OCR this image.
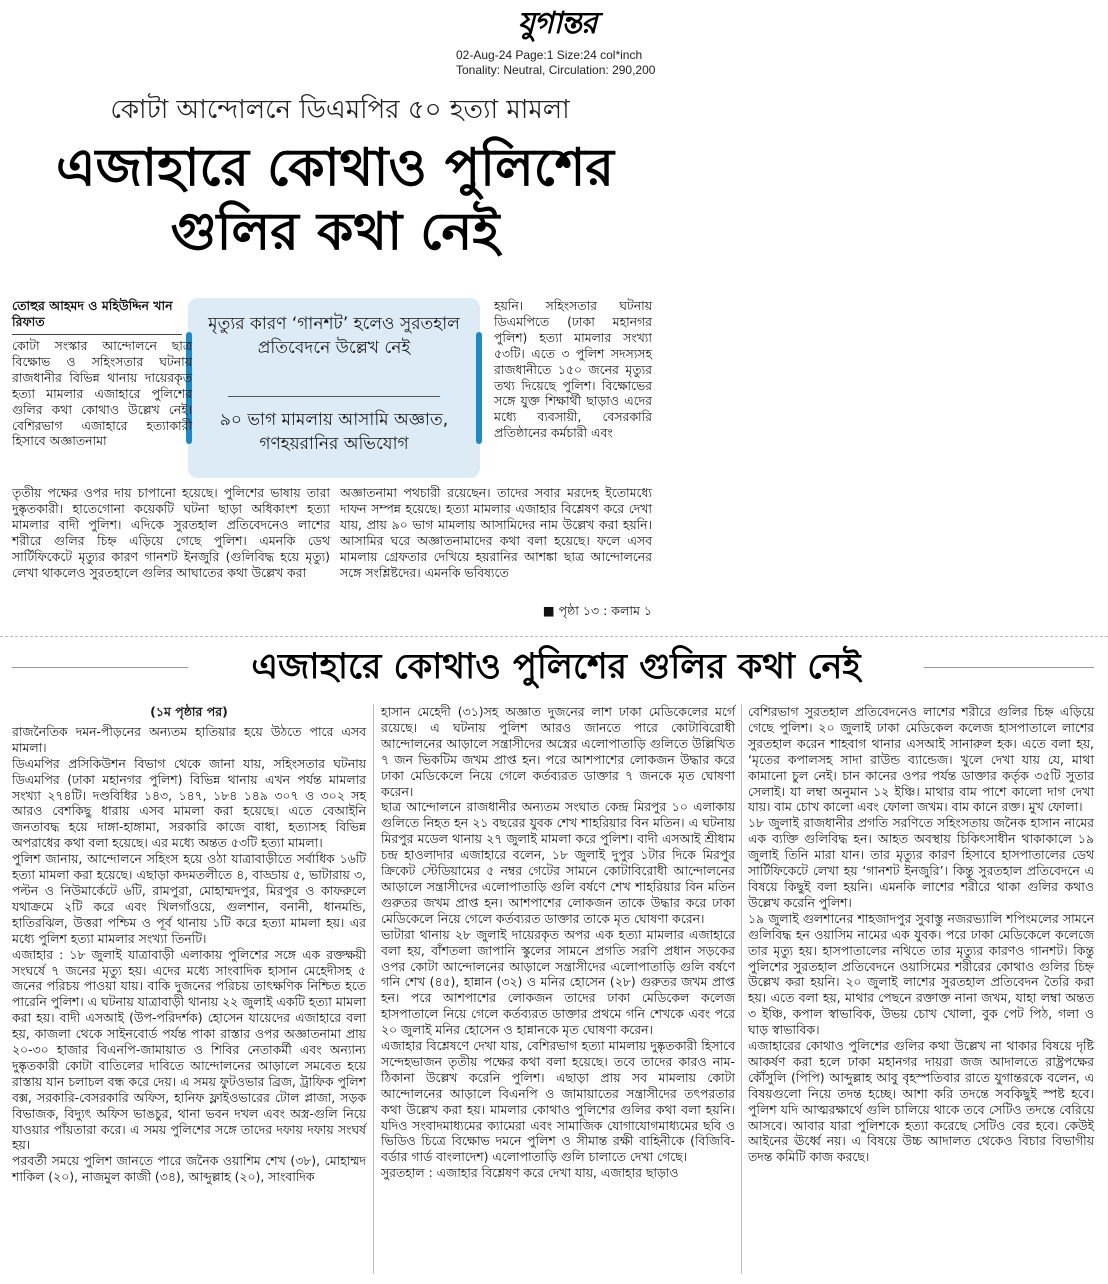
যুগান্তর
02-Aug-24 Page:1 Size:24 col*inch
Tonality: Neutral, Circulation: 290,200
কোটা আন্দোলনে ডিএমপির ৫০ হত্যা মামলা
এজাহারে কোথাও পুলিশের গুলির কথা নেই
তোহুর আহমদ ও মহিউদ্দিন খান রিফাত	মৃত্যুর কারণ ‘গানশট’ হলেও সুরতহাল প্রতিবেদনে উল্লেখ নেই
৯০ ভাগ মামলায় আসামি অজ্ঞাত, গণহয়রানির অভিযোগ
কোটা সংস্কার আন্দোলনে ছাত্র বিক্ষোভ ও সহিংসতার ঘটনায় রাজধানীর বিভিন্ন থানায় দায়েরকৃত হত্যা মামলার এজাহারে পুলিশের গুলির কথা কোথাও উল্লেখ নেই। বেশিরভাগ এজাহারে হত্যাকারী হিসাবে অজ্ঞাতনামা
তৃতীয় পক্ষের ওপর দায় চাপানো হয়েছে। পুলিশের ভাষায় তারা দুষ্কৃতকারী। হাতেগোনা কয়েকটি ঘটনা ছাড়া অধিকাংশ হত্যা মামলার বাদী পুলিশ। এদিকে সুরতহাল প্রতিবেদনেও লাশের শরীরে গুলির চিহ্ন এড়িয়ে গেছে পুলিশ। এমনকি ডেথ সার্টিফিকেটে মৃত্যুর কারণ গানশট ইনজুরি (গুলিবিদ্ধ হয়ে মৃত্যু) লেখা থাকলেও সুরতহালে গুলির আঘাতের কথা উল্লেখ করা
হয়নি। সহিংসতার ঘটনায় ডিএমপিতে (ঢাকা মহানগর পুলিশ) হত্যা মামলার সংখ্যা ৫৩টি। এতে ৩ পুলিশ সদস্যসহ রাজধানীতে ১৫০ জনের মৃত্যুর তথ্য দিয়েছে পুলিশ। বিক্ষোভের সঙ্গে যুক্ত শিক্ষার্থী ছাড়াও এদের মধ্যে ব্যবসায়ী, বেসরকারি প্রতিষ্ঠানের কর্মচারী এবং
অজ্ঞাতনামা পথচারী রয়েছেন। তাদের সবার মরদেহ ইতোমধ্যে দাফন সম্পন্ন হয়েছে। হত্যা মামলার এজাহার বিশ্লেষণ করে দেখা যায়, প্রায় ৯০ ভাগ মামলায় আসামিদের নাম উল্লেখ করা হয়নি। আসামির ঘরে অজ্ঞাতনামাদের কথা বলা হয়েছে। ফলে এসব মামলায় গ্রেফতার দেখিয়ে হয়রানির আশঙ্কা ছাত্র আন্দোলনের সঙ্গে সংশ্লিষ্টদের। এমনকি ভবিষ্যতে
■ পৃষ্ঠা ১৩ : কলাম ১
এজাহারে কোথাও পুলিশের গুলির কথা নেই
(১ম পৃষ্ঠার পর)

রাজনৈতিক দমন-পীড়নের অন্যতম হাতিয়ার হয়ে উঠতে পারে এসব মামলা।

ডিএমপির প্রসিকিউশন বিভাগ থেকে জানা যায়, সহিংসতার ঘটনায় ডিএমপির (ঢাকা মহানগর পুলিশ) বিভিন্ন থানায় এখন পর্যন্ত মামলার সংখ্যা ২৭৪টি। দণ্ডবিধির ১৪৩, ১৪৭, ১৮৪ ১৪৯ ৩০৭ ও ৩০২ সহ আরও বেশকিছু ধারায় এসব মামলা করা হয়েছে। এতে বেআইনি জনতাবদ্ধ হয়ে দাঙ্গা-হাঙ্গামা, সরকারি কাজে বাধা, হত্যাসহ বিভিন্ন অপরাধের কথা বলা হয়েছে। এর মধ্যে অন্তত ৫৩টি হত্যা মামলা।

পুলিশ জানায়, আন্দোলনে সহিংস হয়ে ওঠা যাত্রাবাড়ীতে সর্বাধিক ১৬টি হত্যা মামলা করা হয়েছে। এছাড়া কদমতলীতে ৪, বাড্ডায় ৫, ভাটারায় ৩, পল্টন ও নিউমার্কেটে ৬টি, রামপুরা, মোহাম্মদপুর, মিরপুর ও কাফরুলে যথাক্রমে ২টি করে এবং খিলগাঁওয়ে, গুলশান, বনানী, ধানমন্ডি, হাতিরঝিল, উত্তরা পশ্চিম ও পূর্ব থানায় ১টি করে হত্যা মামলা হয়। এর মধ্যে পুলিশ হত্যা মামলার সংখ্যা তিনটি।

এজাহার : ১৮ জুলাই যাত্রাবাড়ী এলাকায় পুলিশের সঙ্গে এক রক্তক্ষয়ী সংঘর্ষে ৭ জনের মৃত্যু হয়। এদের মধ্যে সাংবাদিক হাসান মেহেদীসহ ৫ জনের পরিচয় পাওয়া যায়। বাকি দুজনের পরিচয় তাৎক্ষণিক নিশ্চিত হতে পারেনি পুলিশ। এ ঘটনায় যাত্রাবাড়ী থানায় ২২ জুলাই একটি হত্যা মামলা করা হয়। বাদী এসআই (উপ-পরিদর্শক) হোসেন যায়েদের এজাহারে বলা হয়, কাজলা থেকে সাইনবোর্ড পর্যন্ত পাকা রাস্তার ওপর অজ্ঞাতনামা প্রায় ২০-৩০ হাজার বিএনপি-জামায়াত ও শিবির নেতাকর্মী এবং অন্যান্য দুষ্কৃতকারী কোটা বাতিলের দাবিতে আন্দোলনের আড়ালে সমবেত হয়ে রাস্তায় যান চলাচল বন্ধ করে দেয়। এ সময় ফুটওভার ব্রিজ, ট্রাফিক পুলিশ বক্স, সরকারি-বেসরকারি অফিস, হানিফ ফ্লাইওভারের টোল প্লাজা, সড়ক বিভাজক, বিদ্যুৎ অফিস ভাঙচুর, থানা ভবন দখল এবং অস্ত্র-গুলি নিয়ে যাওয়ার পাঁয়তারা করে। এ সময় পুলিশের সঙ্গে তাদের দফায় দফায় সংঘর্ষ হয়।

পরবর্তী সময়ে পুলিশ জানতে পারে জনৈক ওয়াশিম শেখ (৩৮), মোহাম্মদ শাকিল (২০), নাজমুল কাজী (৩৪), আব্দুল্লাহ (২০), সাংবাদিক

হাসান মেহেদী (৩১)সহ অজ্ঞাত দুজনের লাশ ঢাকা মেডিকেলের মর্গে রয়েছে। এ ঘটনায় পুলিশ আরও জানতে পারে কোটাবিরোধী আন্দোলনের আড়ালে সন্ত্রাসীদের অস্ত্রের এলোপাতাড়ি গুলিতে উল্লিখিত ৭ জন ভিকটিম জখম প্রাপ্ত হন। পরে আশপাশের লোকজন উদ্ধার করে ঢাকা মেডিকেলে নিয়ে গেলে কর্তব্যরত ডাক্তার ৭ জনকে মৃত ঘোষণা করেন।

ছাত্র আন্দোলনে রাজধানীর অন্যতম সংঘাত কেন্দ্র মিরপুর ১০ এলাকায় গুলিতে নিহত হন ২১ বছরের যুবক শেখ শাহরিয়ার বিন মতিন। এ ঘটনায় মিরপুর মডেল থানায় ২৭ জুলাই মামলা করে পুলিশ। বাদী এসআই শ্রীধাম চন্দ্র হাওলাদার এজাহারে বলেন, ১৮ জুলাই দুপুর ১টার দিকে মিরপুর ক্রিকেট স্টেডিয়ামের ৫ নম্বর গেটের সামনে কোটাবিরোধী আন্দোলনের আড়ালে সন্ত্রাসীদের এলোপাতাড়ি গুলি বর্ষণে শেখ শাহরিয়ার বিন মতিন গুরুতর জখম প্রাপ্ত হন। আশপাশের লোকজন তাকে উদ্ধার করে ঢাকা মেডিকেলে নিয়ে গেলে কর্তব্যরত ডাক্তার তাকে মৃত ঘোষণা করেন।

ভাটারা থানায় ২৮ জুলাই দায়েরকৃত অপর এক হত্যা মামলার এজাহারে বলা হয়, বাঁশতলা জাপানি স্কুলের সামনে প্রগতি সরণি প্রধান সড়কের ওপর কোটা আন্দোলনের আড়ালে সন্ত্রাসীদের এলোপাতাড়ি গুলি বর্ষণে গনি শেখ (৪৫), হান্নান (৩২) ও মনির হোসেন (২৮) গুরুতর জখম প্রাপ্ত হন। পরে আশপাশের লোকজন তাদের ঢাকা মেডিকেল কলেজ হাসপাতালে নিয়ে গেলে কর্তব্যরত ডাক্তার প্রথমে গনি শেখকে এবং পরে ২০ জুলাই মনির হোসেন ও হান্নানকে মৃত ঘোষণা করেন।

এজাহার বিশ্লেষণে দেখা যায়, বেশিরভাগ হত্যা মামলায় দুষ্কৃতকারী হিসাবে সন্দেহভাজন তৃতীয় পক্ষের কথা বলা হয়েছে। তবে তাদের কারও নাম-ঠিকানা উল্লেখ করেনি পুলিশ। এছাড়া প্রায় সব মামলায় কোটা আন্দোলনের আড়ালে বিএনপি ও জামায়াতের সন্ত্রাসীদের তৎপরতার কথা উল্লেখ করা হয়। মামলার কোথাও পুলিশের গুলির কথা বলা হয়নি। যদিও সংবাদমাধ্যমের ক্যামেরা এবং সামাজিক যোগাযোগমাধ্যমের ছবি ও ভিডিও চিত্রে বিক্ষোভ দমনে পুলিশ ও সীমান্ত রক্ষী বাহিনীকে (বিজিবি-বর্ডার গার্ড বাংলাদেশ) এলোপাতাড়ি গুলি চালাতে দেখা গেছে।

সুরতহাল : এজাহার বিশ্লেষণ করে দেখা যায়, এজাহার ছাড়াও

বেশিরভাগ সুরতহাল প্রতিবেদনেও লাশের শরীরে গুলির চিহ্ন এড়িয়ে গেছে পুলিশ। ২০ জুলাই ঢাকা মেডিকেল কলেজ হাসপাতালে লাশের সুরতহাল করেন শাহবাগ থানার এসআই সানারুল হক। এতে বলা হয়, ‘মৃতের কপালসহ সাদা রাউন্ড ব্যান্ডেজ। খুলে দেখা যায় যে, মাথা কামানো চুল নেই। চান কানের ওপর পর্যন্ত ডাক্তার কর্তৃক ৩৫টি সুতার সেলাই। যা লম্বা অনুমান ১২ ইঞ্চি। মাথার বাম পাশে কালো দাগ দেখা যায়। বাম চোখ কালো এবং ফোলা জখম। বাম কানে রক্ত। মুখ ফোলা।

১৮ জুলাই রাজধানীর প্রগতি সরণিতে সহিংসতায় জনৈক হাসান নামের এক ব্যক্তি গুলিবিদ্ধ হন। আহত অবস্থায় চিকিৎসাধীন থাকাকালে ১৯ জুলাই তিনি মারা যান। তার মৃত্যুর কারণ হিসাবে হাসপাতালের ডেথ সার্টিফিকেটে লেখা হয় ‘গানশট ইনজুরি’। কিন্তু সুরতহাল প্রতিবেদনে এ বিষয়ে কিছুই বলা হয়নি। এমনকি লাশের শরীরে থাকা গুলির কথাও উল্লেখ করেনি পুলিশ।

১৯ জুলাই গুলশানের শাহজাদপুর সুবাস্তু নজরভ্যালি শপিংমলের সামনে গুলিবিদ্ধ হন ওয়াসিম নামের এক যুবক। পরে ঢাকা মেডিকেলে কলেজে তার মৃত্যু হয়। হাসপাতালের নথিতে তার মৃত্যুর কারণও গানশট। কিন্তু পুলিশের সুরতহাল প্রতিবেদনে ওয়াসিমের শরীরের কোথাও গুলির চিহ্ন উল্লেখ করা হয়নি। ২০ জুলাই লাশের সুরতহাল প্রতিবেদন তৈরি করা হয়। এতে বলা হয়, মাথার পেছনে রক্তাক্ত নানা জখম, যাহা লম্বা অন্তত ৩ ইঞ্চি, কপাল স্বাভাবিক, উভয় চোখ খোলা, বুক পেট পিঠ, গলা ও ঘাড় স্বাভাবিক।

এজাহারের কোথাও পুলিশের গুলির কথা উল্লেখ না থাকার বিষয়ে দৃষ্টি আকর্ষণ করা হলে ঢাকা মহানগর দায়রা জজ আদালতে রাষ্ট্রপক্ষের কৌঁসুলি (পিপি) আব্দুল্লাহ আবু বৃহস্পতিবার রাতে যুগান্তরকে বলেন, এ বিষয়গুলো নিয়ে তদন্ত হচ্ছে। আশা করি তদন্তে সবকিছুই স্পষ্ট হবে। পুলিশ যদি আত্মরক্ষার্থে গুলি চালিয়ে থাকে তবে সেটিও তদন্তে বেরিয়ে আসবে। আবার যারা পুলিশকে হত্যা করেছে সেটিও বের হবে। কেউই আইনের ঊর্ধ্বে নয়। এ বিষয়ে উচ্চ আদালত থেকেও বিচার বিভাগীয় তদন্ত কমিটি কাজ করছে।
